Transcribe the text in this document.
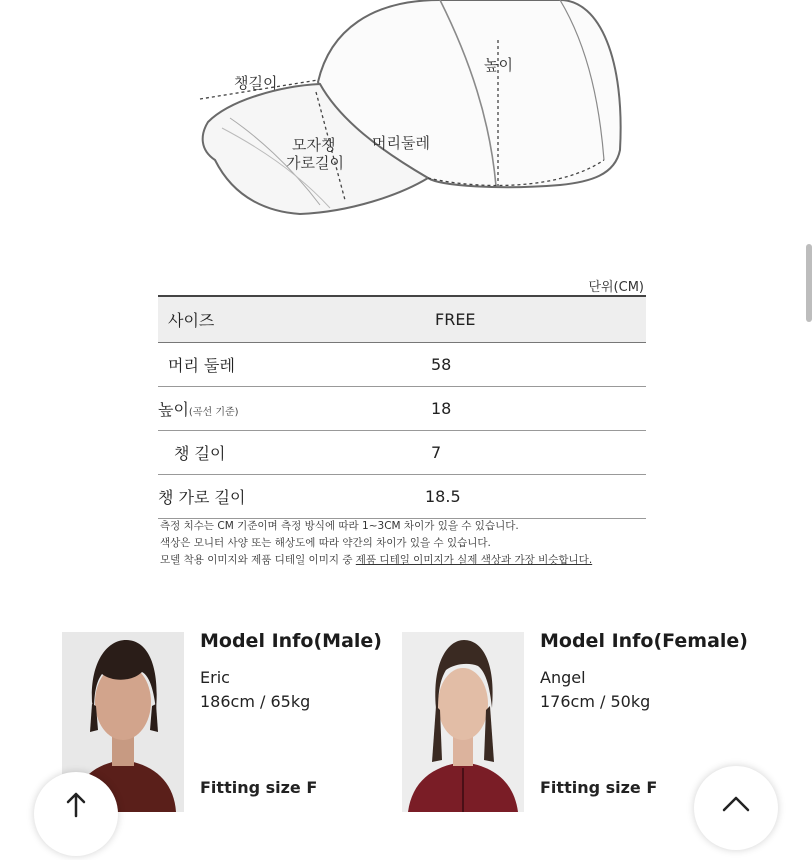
챙길이
높이
모자챙
가로길이
머리둘레
단위(CM)
사이즈	FREE
머리 둘레	58
높이(곡선 기준)	18
챙 길이	7
챙 가로 길이	18.5
측정 치수는 CM 기준이며 측정 방식에 따라 1~3CM 차이가 있을 수 있습니다.
색상은 모니터 사양 또는 해상도에 따라 약간의 차이가 있을 수 있습니다.
모델 착용 이미지와 제품 디테일 이미지 중 제품 디테일 이미지가 실제 색상과 가장 비슷합니다.
Model Info(Male)
Eric
186cm / 65kg
Fitting size F
Model Info(Female)
Angel
176cm / 50kg
Fitting size F
